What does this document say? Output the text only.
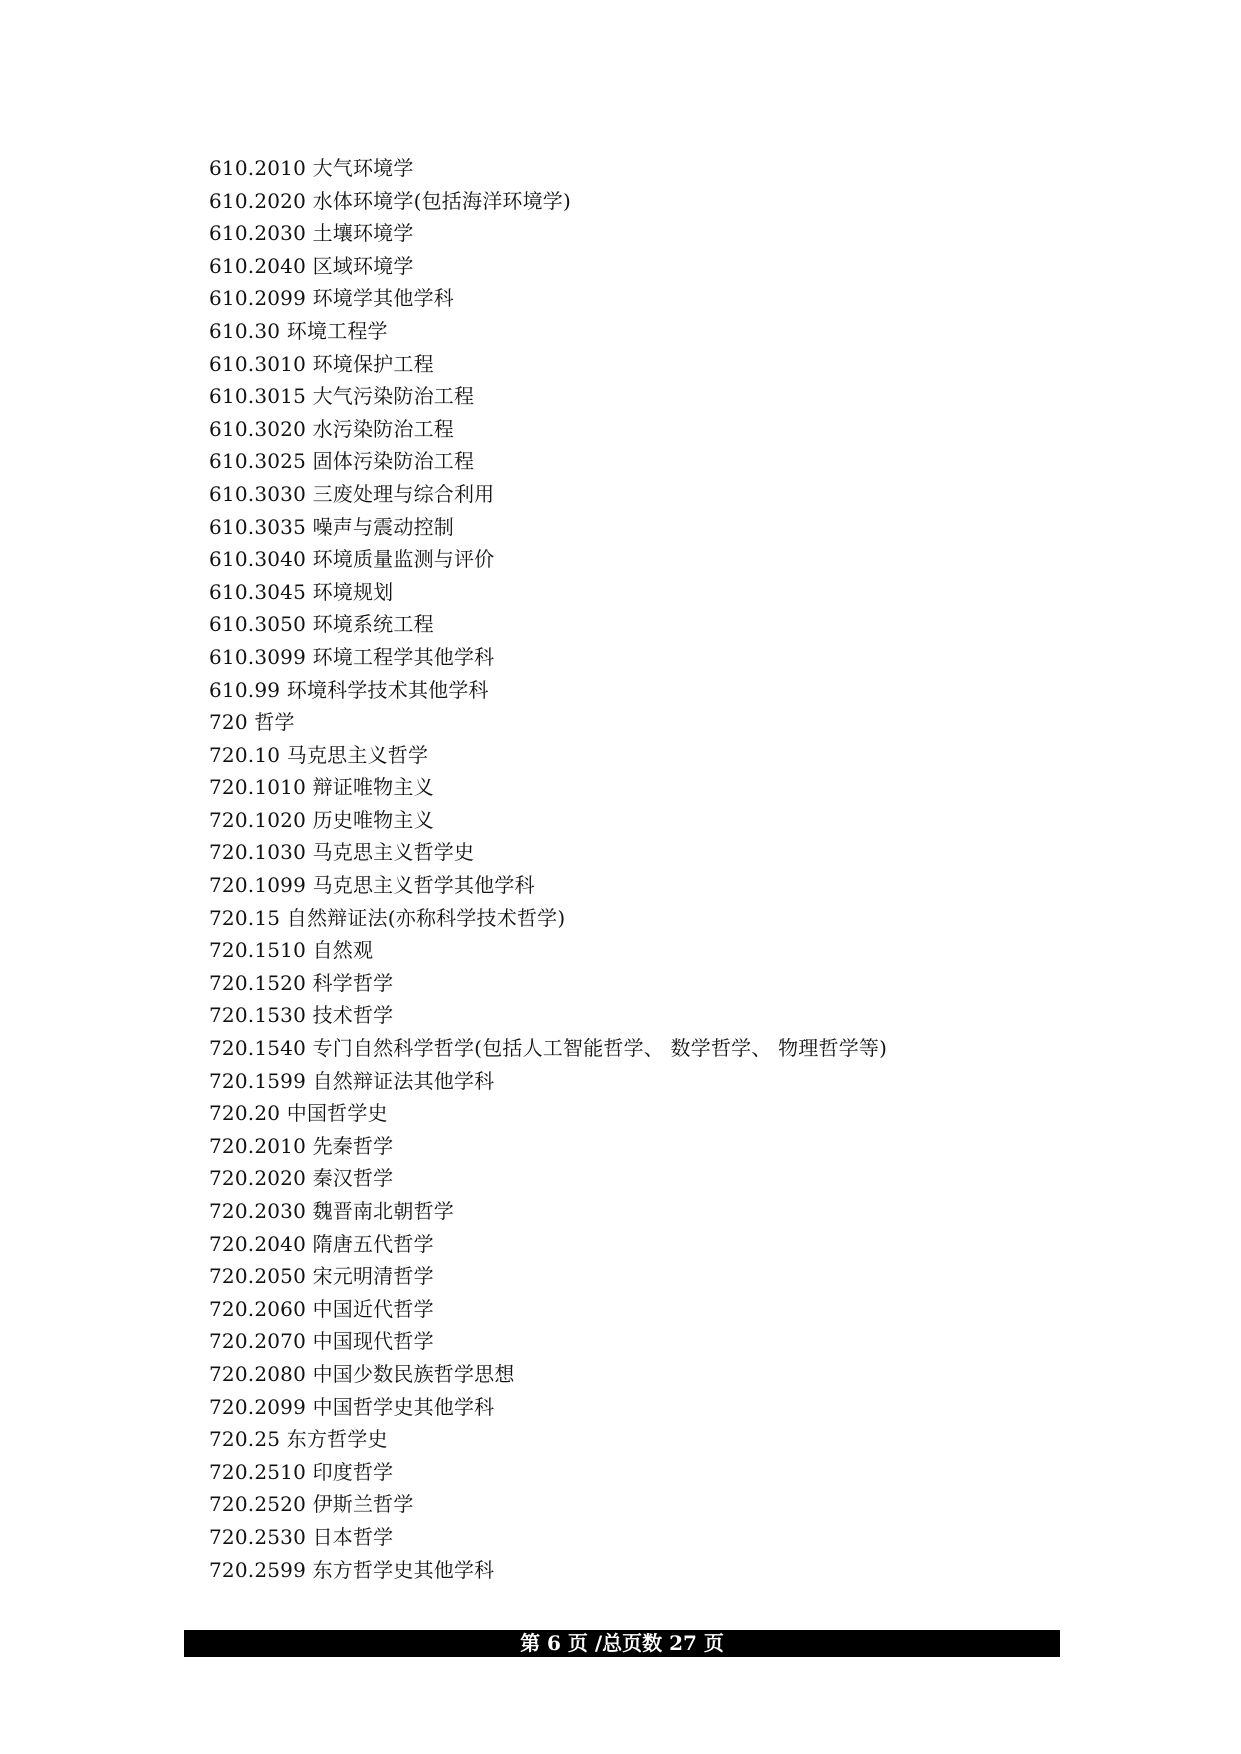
610.2010 大气环境学
610.2020 水体环境学(包括海洋环境学)
610.2030 土壤环境学
610.2040 区域环境学
610.2099 环境学其他学科
610.30 环境工程学
610.3010 环境保护工程
610.3015 大气污染防治工程
610.3020 水污染防治工程
610.3025 固体污染防治工程
610.3030 三废处理与综合利用
610.3035 噪声与震动控制
610.3040 环境质量监测与评价
610.3045 环境规划
610.3050 环境系统工程
610.3099 环境工程学其他学科
610.99 环境科学技术其他学科
720 哲学
720.10 马克思主义哲学
720.1010 辩证唯物主义
720.1020 历史唯物主义
720.1030 马克思主义哲学史
720.1099 马克思主义哲学其他学科
720.15 自然辩证法(亦称科学技术哲学)
720.1510 自然观
720.1520 科学哲学
720.1530 技术哲学
720.1540 专门自然科学哲学(包括人工智能哲学、 数学哲学、 物理哲学等)
720.1599 自然辩证法其他学科
720.20 中国哲学史
720.2010 先秦哲学
720.2020 秦汉哲学
720.2030 魏晋南北朝哲学
720.2040 隋唐五代哲学
720.2050 宋元明清哲学
720.2060 中国近代哲学
720.2070 中国现代哲学
720.2080 中国少数民族哲学思想
720.2099 中国哲学史其他学科
720.25 东方哲学史
720.2510 印度哲学
720.2520 伊斯兰哲学
720.2530 日本哲学
720.2599 东方哲学史其他学科
第 6 页 /总页数 27 页
